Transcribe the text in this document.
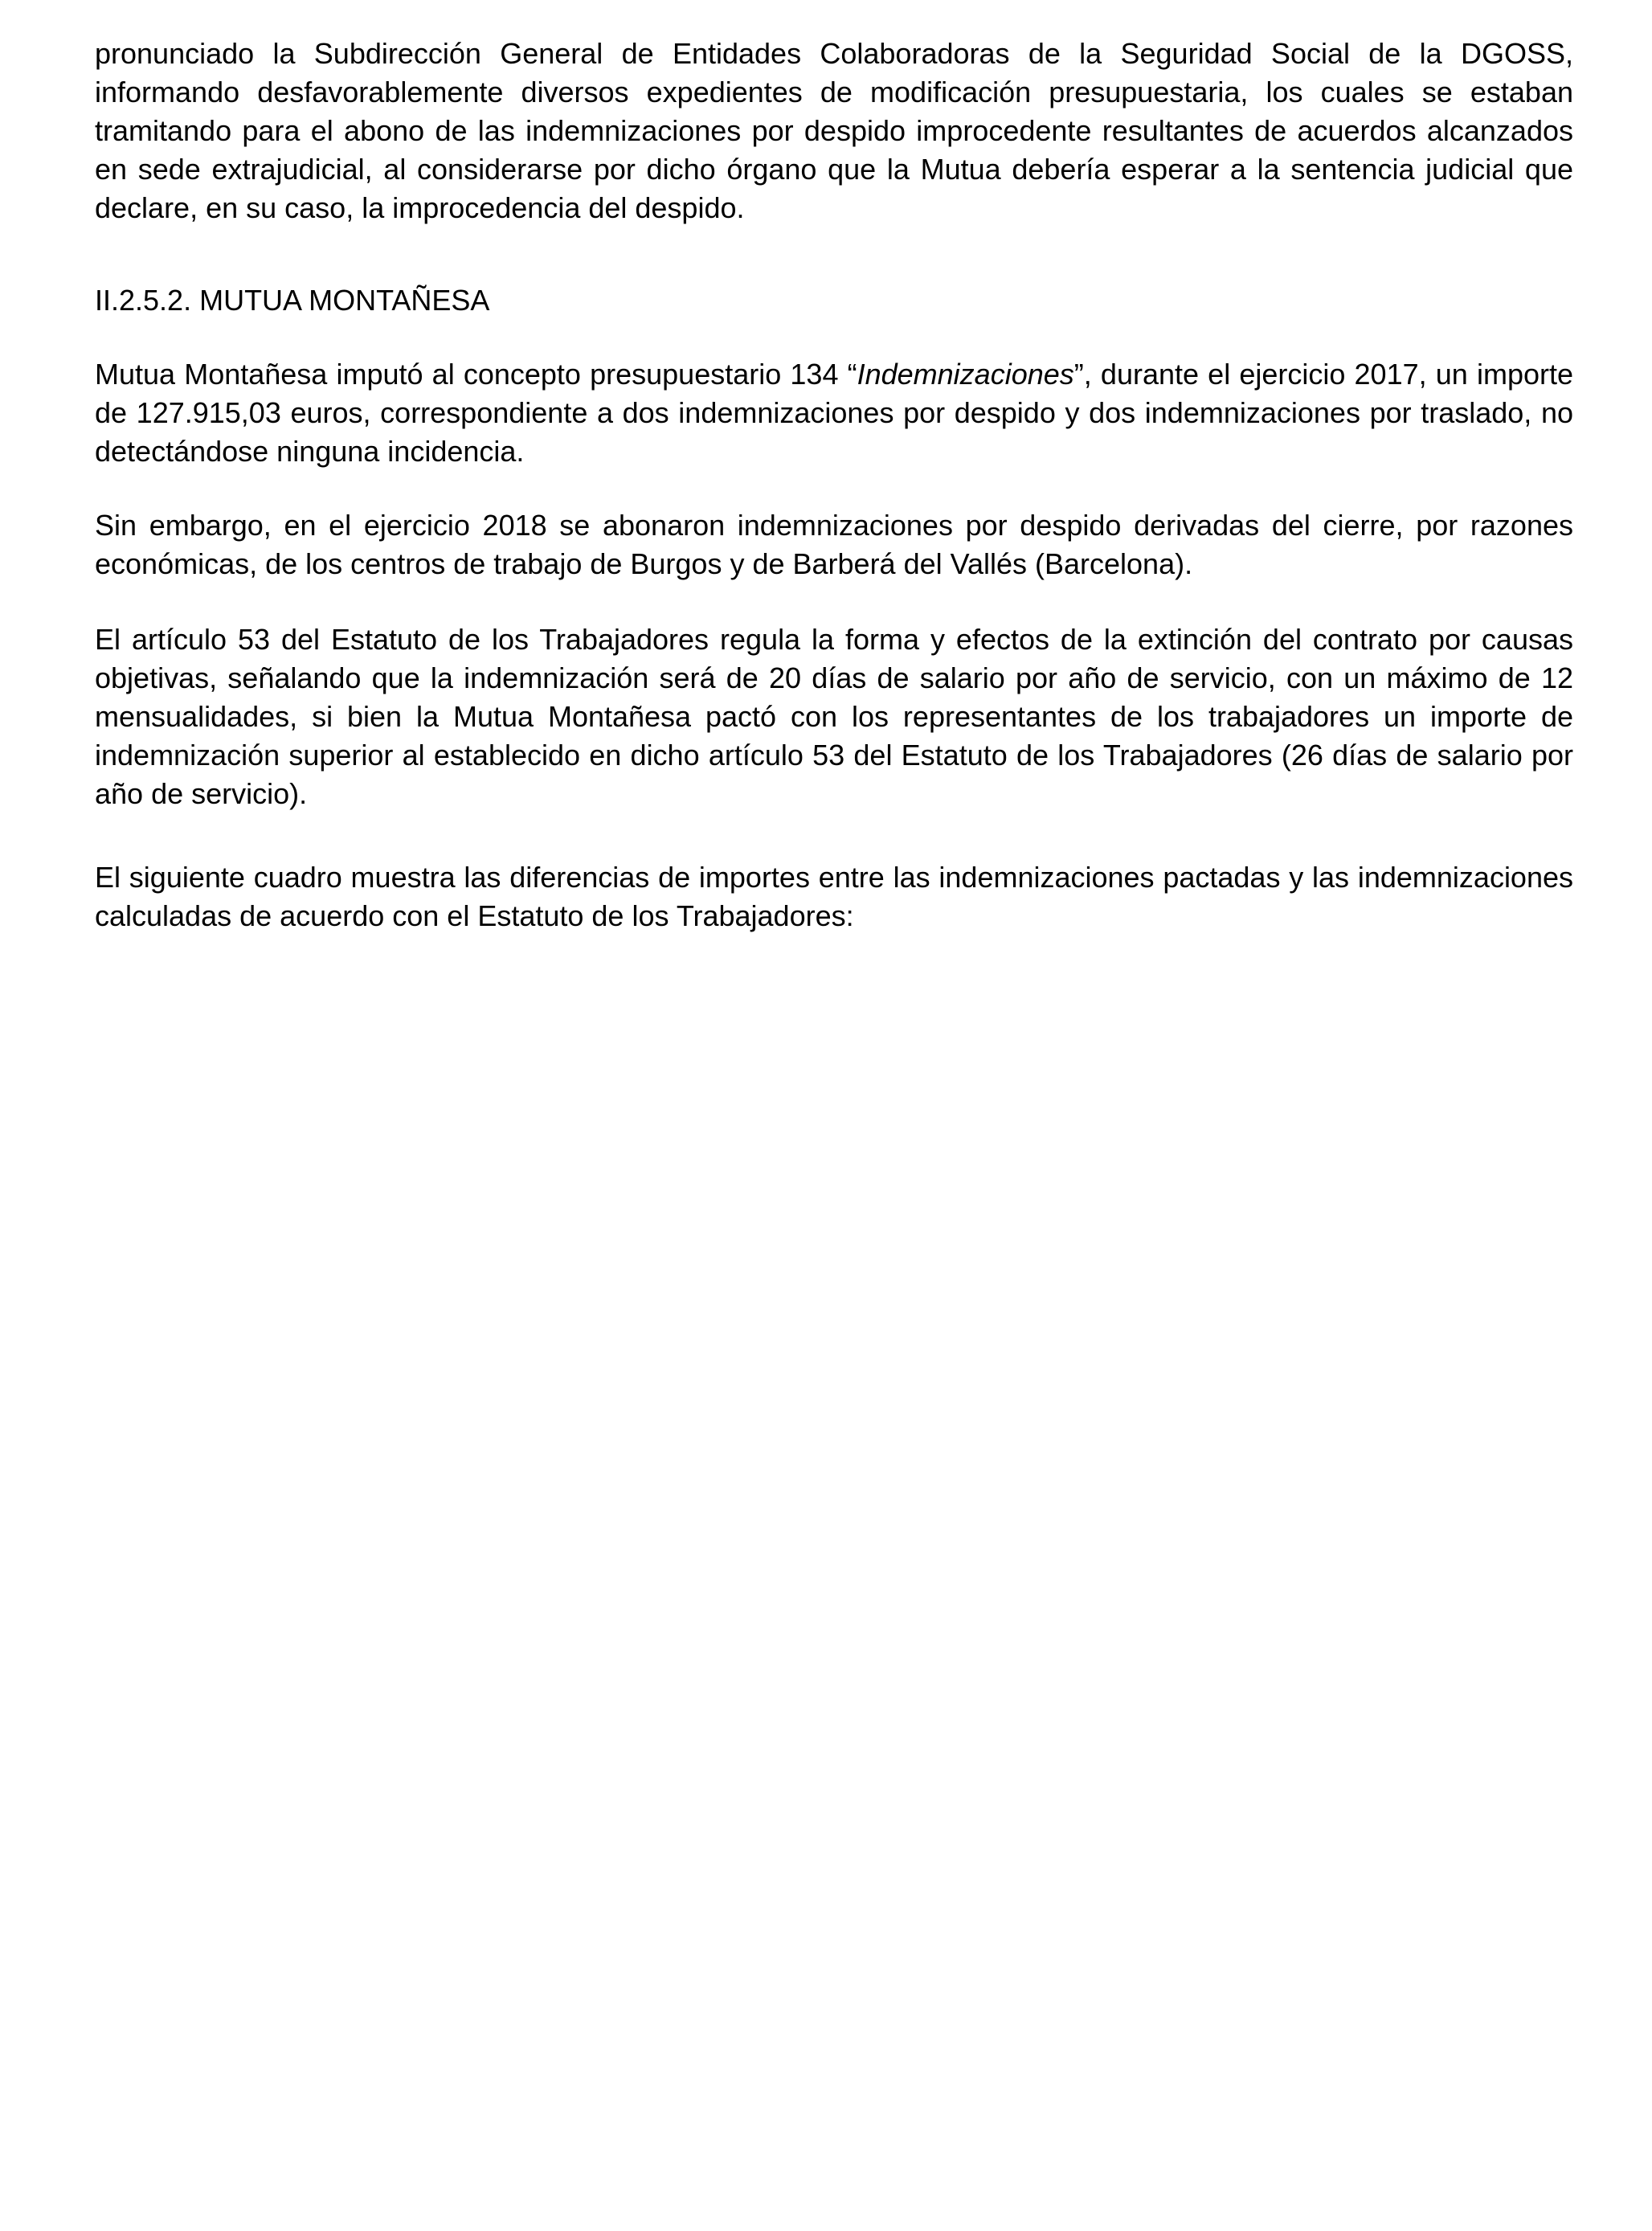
pronunciado la Subdirección General de Entidades Colaboradoras de la Seguridad Social de la DGOSS, informando desfavorablemente diversos expedientes de modificación presupuestaria, los cuales se estaban tramitando para el abono de las indemnizaciones por despido improcedente resultantes de acuerdos alcanzados en sede extrajudicial, al considerarse por dicho órgano que la Mutua debería esperar a la sentencia judicial que declare, en su caso, la improcedencia del despido.

II.2.5.2. MUTUA MONTAÑESA

Mutua Montañesa imputó al concepto presupuestario 134 “Indemnizaciones”, durante el ejercicio 2017, un importe de 127.915,03 euros, correspondiente a dos indemnizaciones por despido y dos indemnizaciones por traslado, no detectándose ninguna incidencia.

Sin embargo, en el ejercicio 2018 se abonaron indemnizaciones por despido derivadas del cierre, por razones económicas, de los centros de trabajo de Burgos y de Barberá del Vallés (Barcelona).

El artículo 53 del Estatuto de los Trabajadores regula la forma y efectos de la extinción del contrato por causas objetivas, señalando que la indemnización será de 20 días de salario por año de servicio, con un máximo de 12 mensualidades, si bien la Mutua Montañesa pactó con los representantes de los trabajadores un importe de indemnización superior al establecido en dicho artículo 53 del Estatuto de los Trabajadores (26 días de salario por año de servicio).

El siguiente cuadro muestra las diferencias de importes entre las indemnizaciones pactadas y las indemnizaciones calculadas de acuerdo con el Estatuto de los Trabajadores:
